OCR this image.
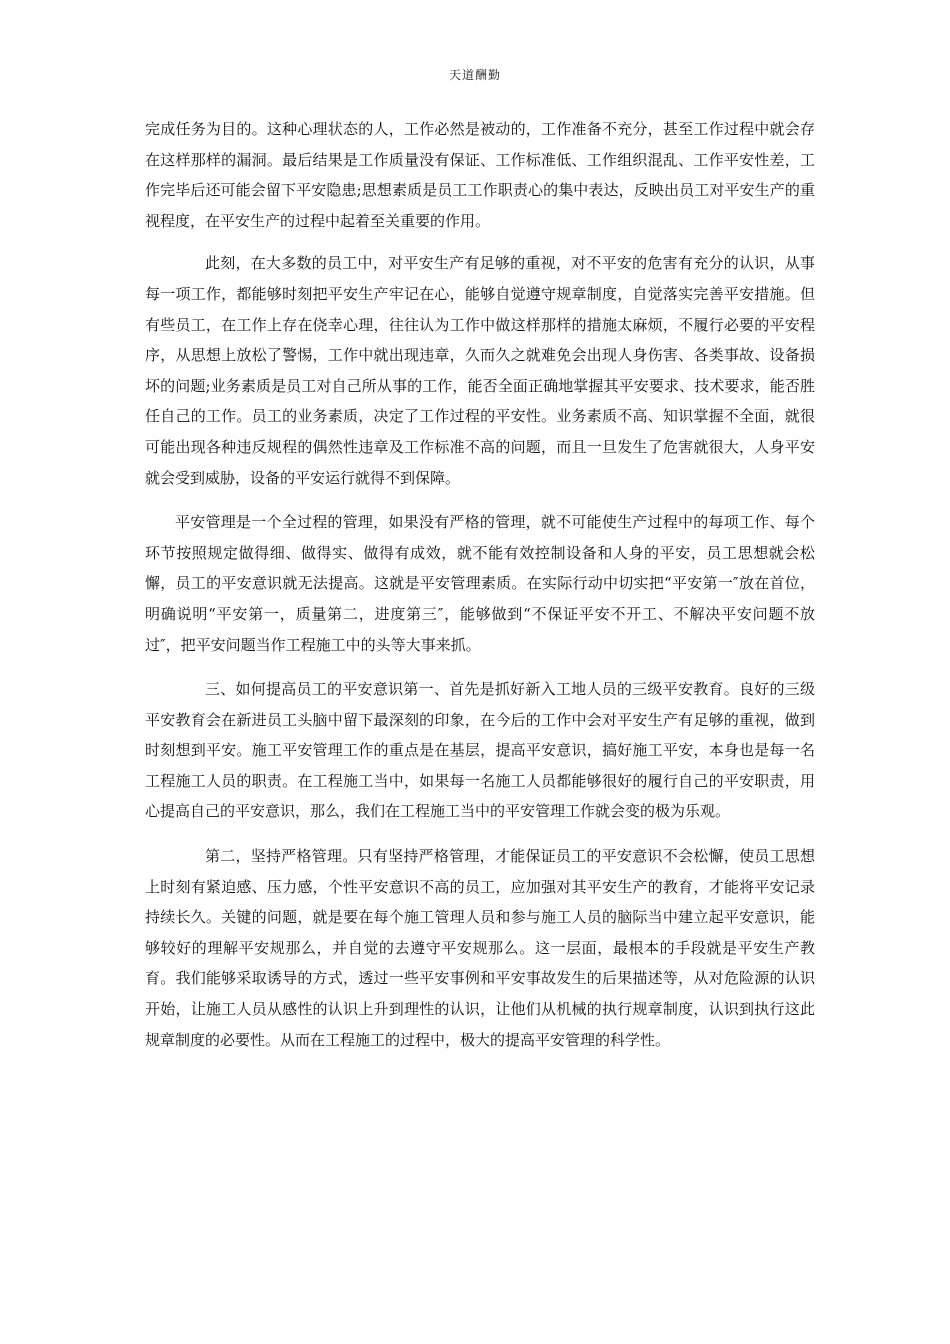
天道酬勤

完成任务为目的。这种心理状态的人，工作必然是被动的，工作准备不充分，甚至工作过程中就会存在这样那样的漏洞。最后结果是工作质量没有保证、工作标准低、工作组织混乱、工作平安性差，工作完毕后还可能会留下平安隐患;思想素质是员工工作职责心的集中表达，反映出员工对平安生产的重视程度，在平安生产的过程中起着至关重要的作用。

此刻，在大多数的员工中，对平安生产有足够的重视，对不平安的危害有充分的认识，从事每一项工作，都能够时刻把平安生产牢记在心，能够自觉遵守规章制度，自觉落实完善平安措施。但有些员工，在工作上存在侥幸心理，往往认为工作中做这样那样的措施太麻烦，不履行必要的平安程序，从思想上放松了警惕，工作中就出现违章，久而久之就难免会出现人身伤害、各类事故、设备损坏的问题;业务素质是员工对自己所从事的工作，能否全面正确地掌握其平安要求、技术要求，能否胜任自己的工作。员工的业务素质，决定了工作过程的平安性。业务素质不高、知识掌握不全面，就很可能出现各种违反规程的偶然性违章及工作标准不高的问题，而且一旦发生了危害就很大，人身平安就会受到威胁，设备的平安运行就得不到保障。

平安管理是一个全过程的管理，如果没有严格的管理，就不可能使生产过程中的每项工作、每个环节按照规定做得细、做得实、做得有成效，就不能有效控制设备和人身的平安，员工思想就会松懈，员工的平安意识就无法提高。这就是平安管理素质。在实际行动中切实把“平安第一″放在首位，明确说明“平安第一，质量第二，进度第三″，能够做到“不保证平安不开工、不解决平安问题不放过″，把平安问题当作工程施工中的头等大事来抓。

三、如何提高员工的平安意识第一、首先是抓好新入工地人员的三级平安教育。良好的三级平安教育会在新进员工头脑中留下最深刻的印象，在今后的工作中会对平安生产有足够的重视，做到时刻想到平安。施工平安管理工作的重点是在基层，提高平安意识，搞好施工平安，本身也是每一名工程施工人员的职责。在工程施工当中，如果每一名施工人员都能够很好的履行自己的平安职责，用心提高自己的平安意识，那么，我们在工程施工当中的平安管理工作就会变的极为乐观。

第二，坚持严格管理。只有坚持严格管理，才能保证员工的平安意识不会松懈，使员工思想上时刻有紧迫感、压力感，个性平安意识不高的员工，应加强对其平安生产的教育，才能将平安记录持续长久。关键的问题，就是要在每个施工管理人员和参与施工人员的脑际当中建立起平安意识，能够较好的理解平安规那么，并自觉的去遵守平安规那么。这一层面，最根本的手段就是平安生产教育。我们能够采取诱导的方式，透过一些平安事例和平安事故发生的后果描述等，从对危险源的认识开始，让施工人员从感性的认识上升到理性的认识，让他们从机械的执行规章制度，认识到执行这此规章制度的必要性。从而在工程施工的过程中，极大的提高平安管理的科学性。
